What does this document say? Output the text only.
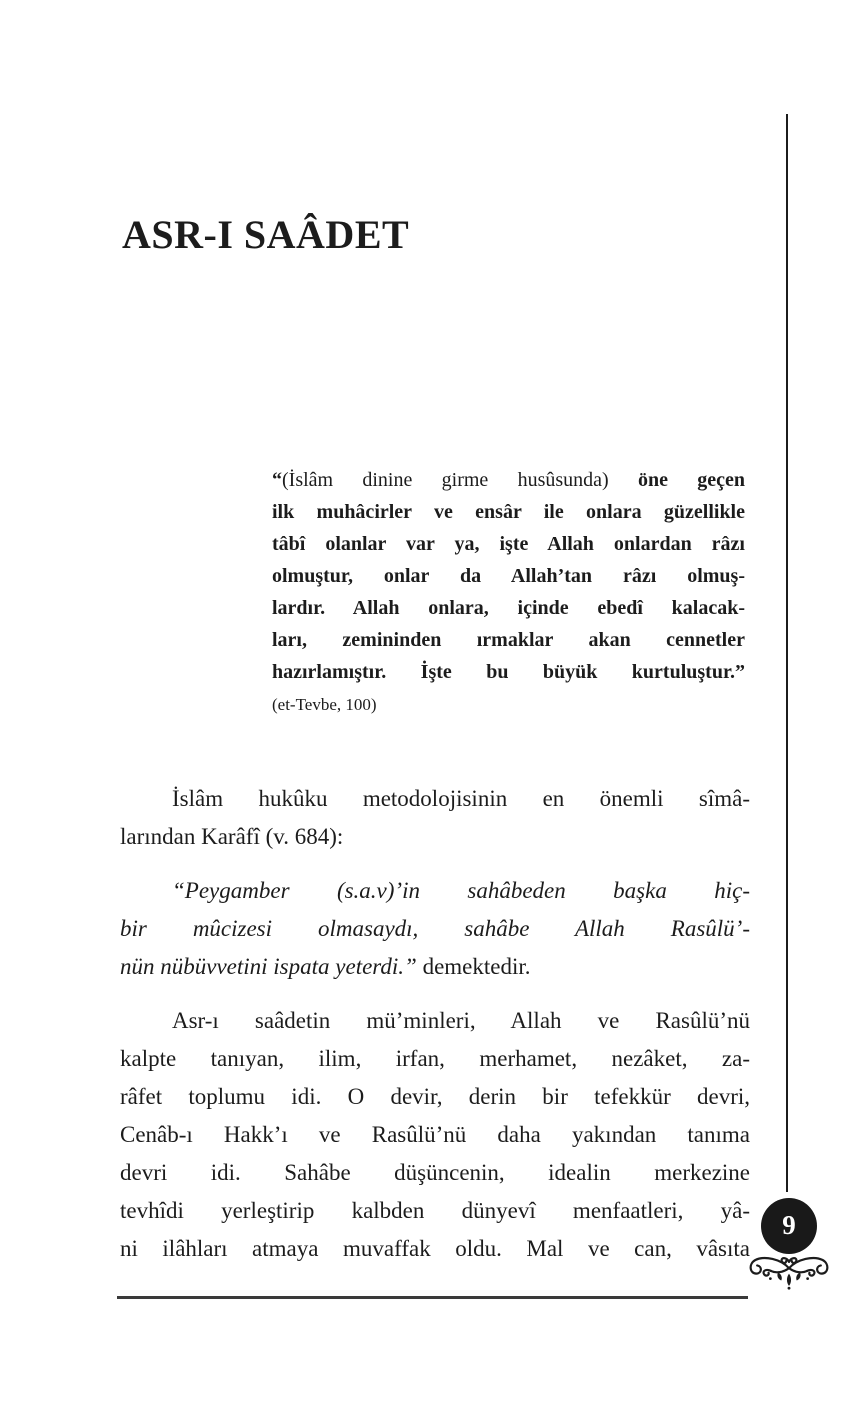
ASR-I SAÂDET
“(İslâm dinine girme husûsunda) öne geçen
ilk muhâcirler ve ensâr ile onlara güzellikle
tâbî olanlar var ya, işte Allah onlardan râzı
olmuştur, onlar da Allah’tan râzı olmuş-
lardır. Allah onlara, içinde ebedî kalacak-
ları, zemininden ırmaklar akan cennetler
hazırlamıştır. İşte bu büyük kurtuluştur.”
(et-Tevbe, 100)
İslâm hukûku metodolojisinin en önemli sîmâ-
larından Karâfî (v. 684):
“Peygamber (s.a.v)’in sahâbeden başka hiç-
bir mûcizesi olmasaydı, sahâbe Allah Rasûlü’-
nün nübüvvetini ispata yeterdi.” demektedir.
Asr-ı saâdetin mü’minleri, Allah ve Rasûlü’nü
kalpte tanıyan, ilim, irfan, merhamet, nezâket, za-
râfet toplumu idi. O devir, derin bir tefekkür devri,
Cenâb-ı Hakk’ı ve Rasûlü’nü daha yakından tanıma
devri idi. Sahâbe düşüncenin, idealin merkezine
tevhîdi yerleştirip kalbden dünyevî menfaatleri, yâ-
ni ilâhları atmaya muvaffak oldu. Mal ve can, vâsıta
9
